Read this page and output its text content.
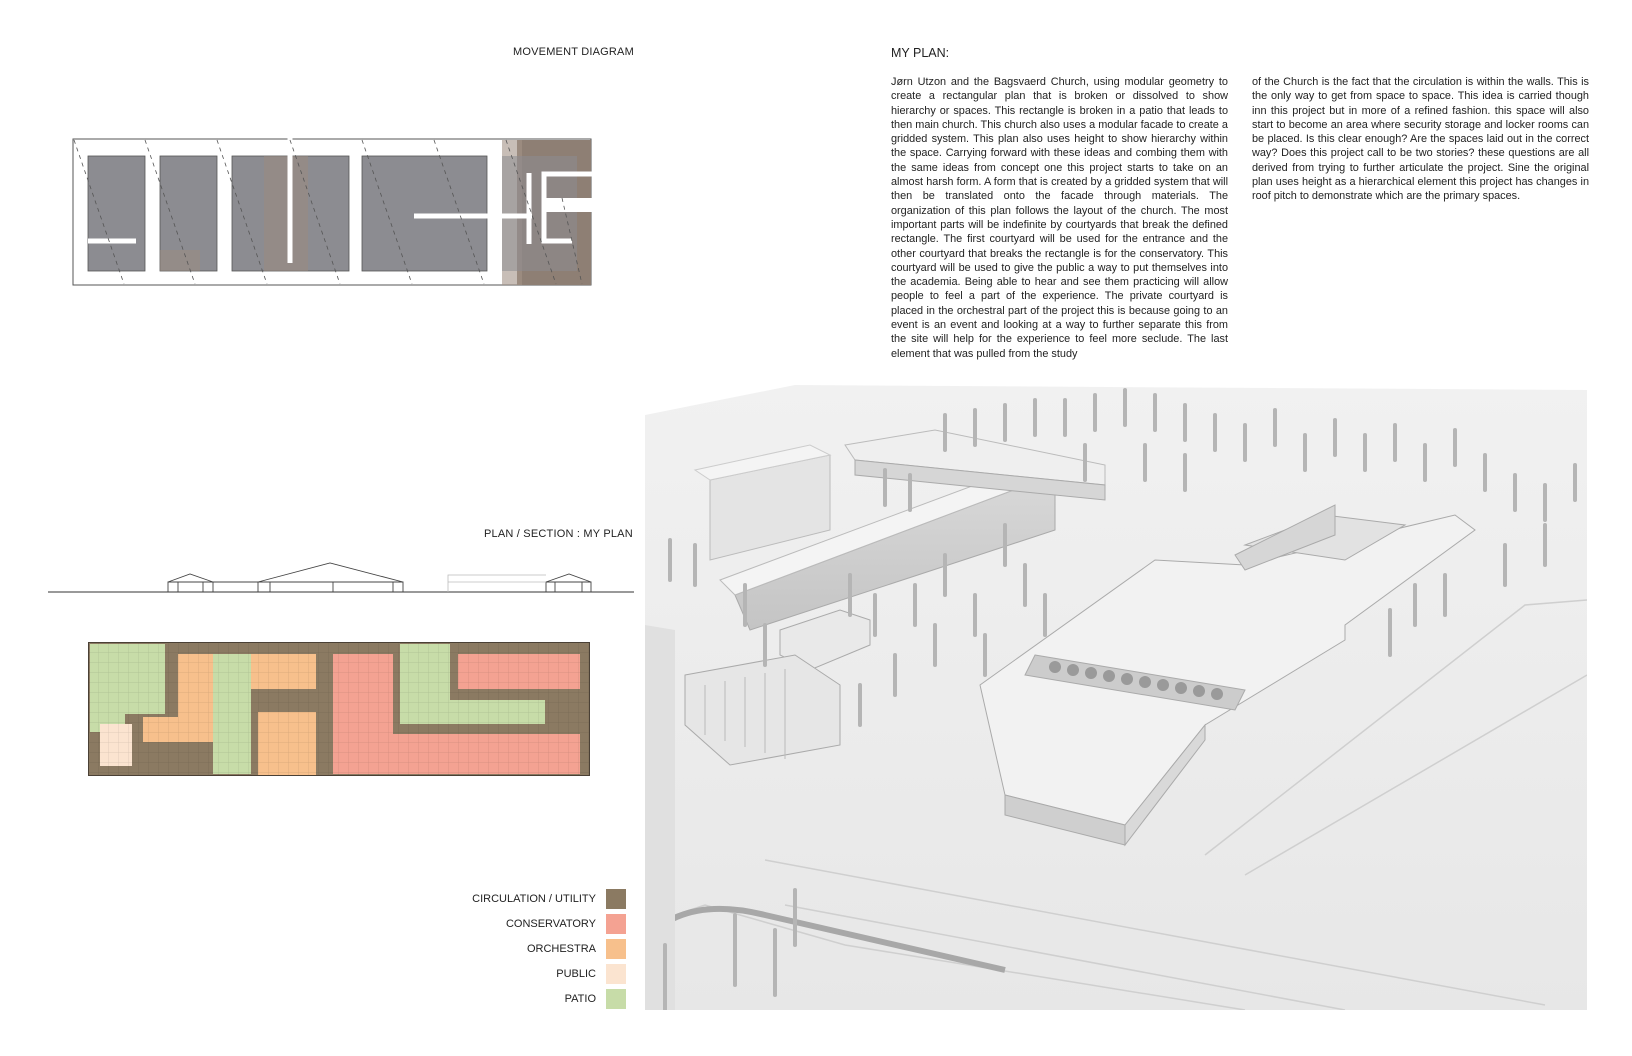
MOVEMENT DIAGRAM
PLAN / SECTION : MY PLAN
MY PLAN:
Jørn Utzon and the Bagsvaerd Church, using modular geometry to create a rectangular plan that is broken or dissolved to show hierarchy or spaces. This rectangle is broken in a patio that leads to then main church. This church also uses a modular facade to create a gridded system. This plan also uses height to show hierarchy within the space. Carrying forward with these ideas and combing them with the same ideas from concept one this project starts to take on an almost harsh form. A form that is created by a gridded system that will then be translated onto the facade through materials. The organization of this plan follows the layout of the church. The most important parts will be indefinite by courtyards that break the defined rectangle. The first courtyard will be used for the entrance and the other courtyard that breaks the rectangle is for the conservatory. This courtyard will be used to give the public a way to put themselves into the academia. Being able to hear and see them practicing will allow people to feel a part of the experience. The private courtyard is placed in the orchestral part of the project this is because going to an event is an event and looking at a way to further separate this from the site will help for the experience to feel more seclude. The last element that was pulled from the study
of the Church is the fact that the circulation is within the walls. This is the only way to get from space to space. This idea is carried though inn this project but in more of a refined fashion. this space will also start to become an area where security storage and locker rooms can be placed. Is this clear enough? Are the spaces laid out in the correct way? Does this project call to be two stories? these questions are all derived from trying to further articulate the project. Sine the original plan uses height as a hierarchical element this project has changes in roof pitch to demonstrate which are the primary spaces.
CIRCULATION / UTILITY
CONSERVATORY
ORCHESTRA
PUBLIC
PATIO
